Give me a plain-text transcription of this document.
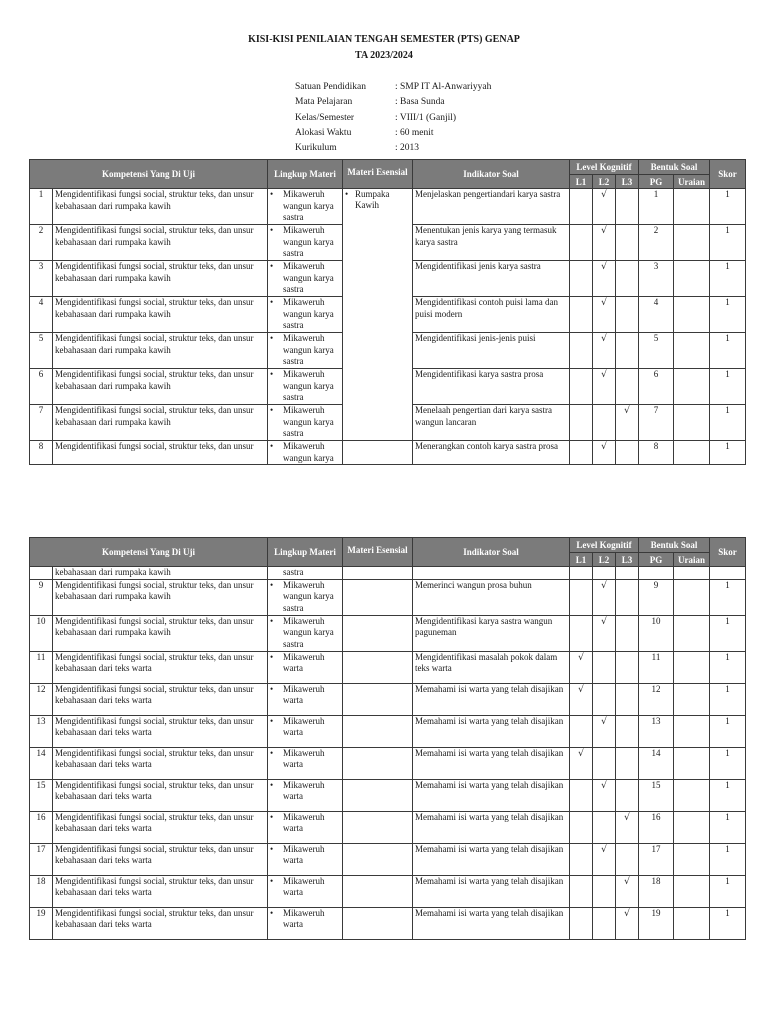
KISI-KISI PENILAIAN TENGAH SEMESTER (PTS) GENAP
TA 2023/2024
Satuan Pendidikan	: SMP IT Al-Anwariyyah
Mata Pelajaran	: Basa Sunda
Kelas/Semester	: VIII/1 (Ganjil)
Alokasi Waktu	: 60 menit
Kurikulum	: 2013
Kompetensi Yang Di Uji		Lingkup Materi	Materi Esensial	Indikator Soal	Level Kognitif			Bentuk Soal		Skor
					L1	L2	L3	PG	Uraian	
1	Mengidentifikasi fungsi social, struktur teks, dan unsur kebahasaan dari rumpaka kawih	• Mikaweruh wangun karya sastra	• Rumpaka Kawih	Menjelaskan pengertiandari karya sastra		√		1		1
2	Mengidentifikasi fungsi social, struktur teks, dan unsur kebahasaan dari rumpaka kawih	• Mikaweruh wangun karya sastra		Menentukan jenis karya yang termasuk karya sastra		√		2		1
3	Mengidentifikasi fungsi social, struktur teks, dan unsur kebahasaan dari rumpaka kawih	• Mikaweruh wangun karya sastra		Mengidentifikasi jenis karya sastra		√		3		1
4	Mengidentifikasi fungsi social, struktur teks, dan unsur kebahasaan dari rumpaka kawih	• Mikaweruh wangun karya sastra		Mengidentifikasi contoh puisi lama dan puisi modern		√		4		1
5	Mengidentifikasi fungsi social, struktur teks, dan unsur kebahasaan dari rumpaka kawih	• Mikaweruh wangun karya sastra		Mengidentifikasi jenis-jenis puisi		√		5		1
6	Mengidentifikasi fungsi social, struktur teks, dan unsur kebahasaan dari rumpaka kawih	• Mikaweruh wangun karya sastra		Mengidentifikasi karya sastra prosa		√		6		1
7	Mengidentifikasi fungsi social, struktur teks, dan unsur kebahasaan dari rumpaka kawih	• Mikaweruh wangun karya sastra		Menelaah pengertian dari karya sastra wangun lancaran			√	7		1
8	Mengidentifikasi fungsi social, struktur teks, dan unsur	• Mikaweruh wangun karya		Menerangkan contoh karya sastra prosa		√		8		1
Kompetensi Yang Di Uji		Lingkup Materi	Materi Esensial	Indikator Soal	Level Kognitif			Bentuk Soal		Skor
					L1	L2	L3	PG	Uraian	
	kebahasaan dari rumpaka kawih	sastra								

9	Mengidentifikasi fungsi social, struktur teks, dan unsur kebahasaan dari rumpaka kawih	• Mikaweruh wangun karya sastra		Memerinci wangun prosa buhun		√		9		1
10	Mengidentifikasi fungsi social, struktur teks, dan unsur kebahasaan dari rumpaka kawih	• Mikaweruh wangun karya sastra		Mengidentifikasi karya sastra wangun paguneman		√		10		1
11	Mengidentifikasi fungsi social, struktur teks, dan unsur kebahasaan dari teks warta	• Mikaweruh warta		Mengidentifikasi masalah pokok dalam teks warta	√			11		1
12	Mengidentifikasi fungsi social, struktur teks, dan unsur kebahasaan dari teks warta	• Mikaweruh warta		Memahami isi warta yang telah disajikan	√			12		1
13	Mengidentifikasi fungsi social, struktur teks, dan unsur kebahasaan dari teks warta	• Mikaweruh warta		Memahami isi warta yang telah disajikan		√		13		1
14	Mengidentifikasi fungsi social, struktur teks, dan unsur kebahasaan dari teks warta	• Mikaweruh warta		Memahami isi warta yang telah disajikan	√			14		1
15	Mengidentifikasi fungsi social, struktur teks, dan unsur kebahasaan dari teks warta	• Mikaweruh warta		Memahami isi warta yang telah disajikan		√		15		1
16	Mengidentifikasi fungsi social, struktur teks, dan unsur kebahasaan dari teks warta	• Mikaweruh warta		Memahami isi warta yang telah disajikan			√	16		1
17	Mengidentifikasi fungsi social, struktur teks, dan unsur kebahasaan dari teks warta	• Mikaweruh warta		Memahami isi warta yang telah disajikan		√		17		1
18	Mengidentifikasi fungsi social, struktur teks, dan unsur kebahasaan dari teks warta	• Mikaweruh warta		Memahami isi warta yang telah disajikan			√	18		1
19	Mengidentifikasi fungsi social, struktur teks, dan unsur kebahasaan dari teks warta	• Mikaweruh warta		Memahami isi warta yang telah disajikan			√	19		1
